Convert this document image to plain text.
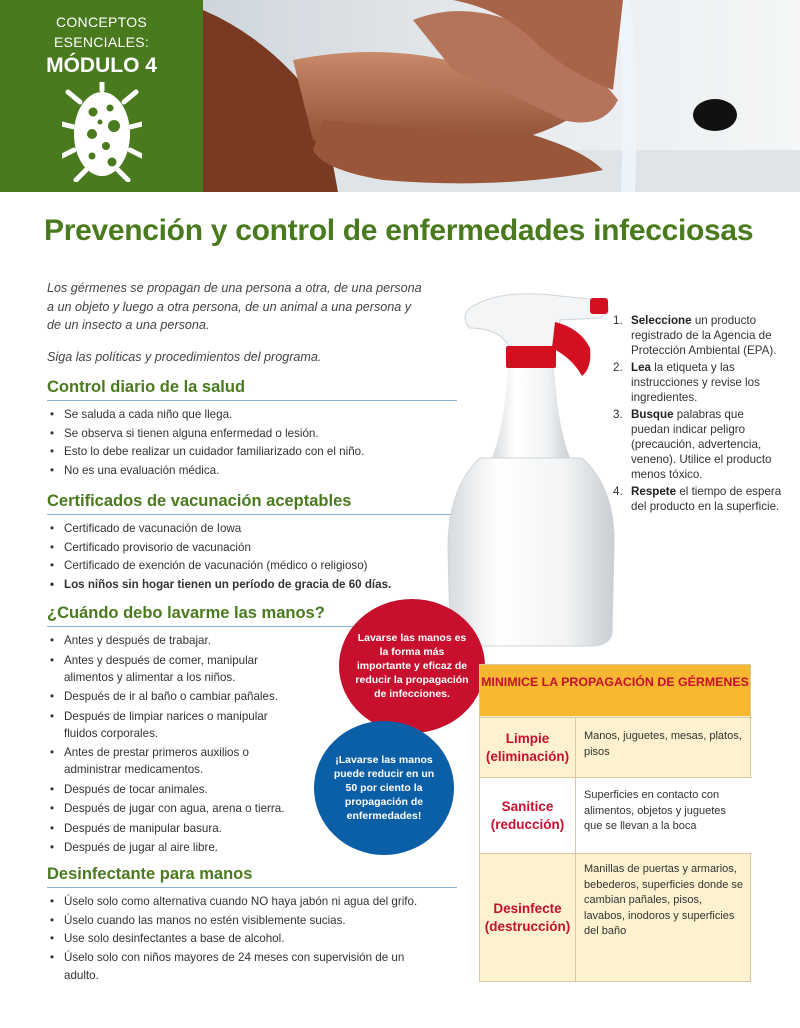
CONCEPTOS
ESENCIALES:
MÓDULO 4
Prevención y control de enfermedades infecciosas

Los gérmenes se propagan de una persona a otra, de una persona a un objeto y luego a otra persona, de un animal a una persona y de un insecto a una persona.

Siga las políticas y procedimientos del programa.

Control diario de la salud
• Se saluda a cada niño que llega.
• Se observa si tienen alguna enfermedad o lesión.
• Esto lo debe realizar un cuidador familiarizado con el niño.
• No es una evaluación médica.
Certificados de vacunación aceptables
• Certificado de vacunación de Iowa
• Certificado provisorio de vacunación
• Certificado de exención de vacunación (médico o religioso)
• Los niños sin hogar tienen un período de gracia de 60 días.
¿Cuándo debo lavarme las manos?
• Antes y después de trabajar.
• Antes y después de comer, manipular alimentos y alimentar a los niños.
• Después de ir al baño o cambiar pañales.
• Después de limpiar narices o manipular fluidos corporales.
• Antes de prestar primeros auxilios o administrar medicamentos.
• Después de tocar animales.
• Después de jugar con agua, arena o tierra.
• Después de manipular basura.
• Después de jugar al aire libre.
Desinfectante para manos
• Úselo solo como alternativa cuando NO haya jabón ni agua del grifo.
• Úselo cuando las manos no estén visiblemente sucias.
• Use solo desinfectantes a base de alcohol.
• Úselo solo con niños mayores de 24 meses con supervisión de un adulto.
1. Seleccione un producto registrado de la Agencia de Protección Ambiental (EPA).
2. Lea la etiqueta y las instrucciones y revise los ingredientes.
3. Busque palabras que puedan indicar peligro (precaución, advertencia, veneno). Utilice el producto menos tóxico.
4. Respete el tiempo de espera del producto en la superficie.
Lavarse las manos es la forma más importante y eficaz de reducir la propagación de infecciones.
¡Lavarse las manos puede reducir en un 50 por ciento la propagación de enfermedades!
MINIMICE LA PROPAGACIÓN DE GÉRMENES
Limpie (eliminación)
Manos, juguetes, mesas, platos, pisos
Sanitice (reducción)
Superficies en contacto con alimentos, objetos y juguetes que se llevan a la boca
Desinfecte (destrucción)
Manillas de puertas y armarios, bebederos, superficies donde se cambian pañales, pisos, lavabos, inodoros y superficies del baño
